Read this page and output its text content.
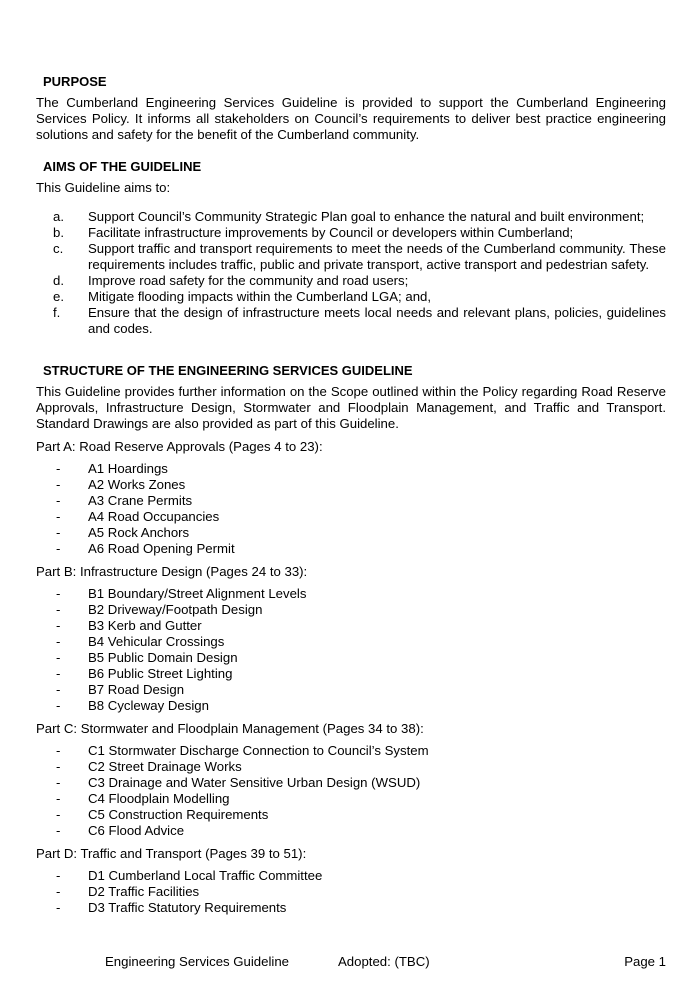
PURPOSE

The Cumberland Engineering Services Guideline is provided to support the Cumberland Engineering Services Policy. It informs all stakeholders on Council’s requirements to deliver best practice engineering solutions and safety for the benefit of the Cumberland community.

AIMS OF THE GUIDELINE

This Guideline aims to:

a. Support Council’s Community Strategic Plan goal to enhance the natural and built environment;
b. Facilitate infrastructure improvements by Council or developers within Cumberland;
c. Support traffic and transport requirements to meet the needs of the Cumberland community. These requirements includes traffic, public and private transport, active transport and pedestrian safety.
d. Improve road safety for the community and road users;
e. Mitigate flooding impacts within the Cumberland LGA; and,
f. Ensure that the design of infrastructure meets local needs and relevant plans, policies, guidelines and codes.
STRUCTURE OF THE ENGINEERING SERVICES GUIDELINE

This Guideline provides further information on the Scope outlined within the Policy regarding Road Reserve Approvals, Infrastructure Design, Stormwater and Floodplain Management, and Traffic and Transport. Standard Drawings are also provided as part of this Guideline.

Part A: Road Reserve Approvals (Pages 4 to 23):

- A1 Hoardings
- A2 Works Zones
- A3 Crane Permits
- A4 Road Occupancies
- A5 Rock Anchors
- A6 Road Opening Permit

Part B: Infrastructure Design (Pages 24 to 33):

- B1 Boundary/Street Alignment Levels
- B2 Driveway/Footpath Design
- B3 Kerb and Gutter
- B4 Vehicular Crossings
- B5 Public Domain Design
- B6 Public Street Lighting
- B7 Road Design
- B8 Cycleway Design

Part C: Stormwater and Floodplain Management (Pages 34 to 38):

- C1 Stormwater Discharge Connection to Council’s System
- C2 Street Drainage Works
- C3 Drainage and Water Sensitive Urban Design (WSUD)
- C4 Floodplain Modelling
- C5 Construction Requirements
- C6 Flood Advice

Part D: Traffic and Transport (Pages 39 to 51):

- D1 Cumberland Local Traffic Committee
- D2 Traffic Facilities
- D3 Traffic Statutory Requirements
Engineering Services Guideline	Adopted: (TBC)	Page 1
